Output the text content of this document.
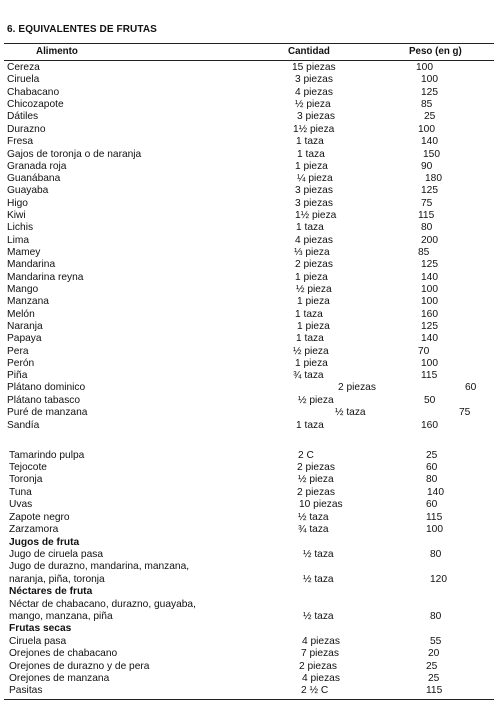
6. EQUIVALENTES DE FRUTAS
Alimento	Cantidad	Peso (en g)
Cereza	15 piezas	100
Ciruela	3 piezas	100
Chabacano	4 piezas	125
Chicozapote	½ pieza	85
Dátiles	3 piezas	25
Durazno	1½ pieza	100
Fresa	1 taza	140
Gajos de toronja o de naranja	1 taza	150
Granada roja	1 pieza	90
Guanábana	¼ pieza	180
Guayaba	3 piezas	125
Higo	3 piezas	75
Kiwi	1½ pieza	115
Lichis	1 taza	80
Lima	4 piezas	200
Mamey	⅓ pieza	85
Mandarina	2 piezas	125
Mandarina reyna	1 pieza	140
Mango	½ pieza	100
Manzana	1 pieza	100
Melón	1 taza	160
Naranja	1 pieza	125
Papaya	1 taza	140
Pera	½ pieza	70
Perón	1 pieza	100
Piña	¾ taza	115
Plátano dominico	2 piezas	60
Plátano tabasco	½ pieza	50
Puré de manzana	½ taza	75
Sandía	1 taza	160
Tamarindo pulpa	2 C	25
Tejocote	2 piezas	60
Toronja	½ pieza	80
Tuna	2 piezas	140
Uvas	10 piezas	60
Zapote negro	½ taza	115
Zarzamora	¾ taza	100
Jugos de fruta
Jugo de ciruela pasa	½ taza	80
Jugo de durazno, mandarina, manzana,
naranja, piña, toronja	½ taza	120
Néctares de fruta
Néctar de chabacano, durazno, guayaba,
mango, manzana, piña	½ taza	80
Frutas secas
Ciruela pasa	4 piezas	55
Orejones de chabacano	7 piezas	20
Orejones de durazno y de pera	2 piezas	25
Orejones de manzana	4 piezas	25
Pasitas	2 ½ C	115
